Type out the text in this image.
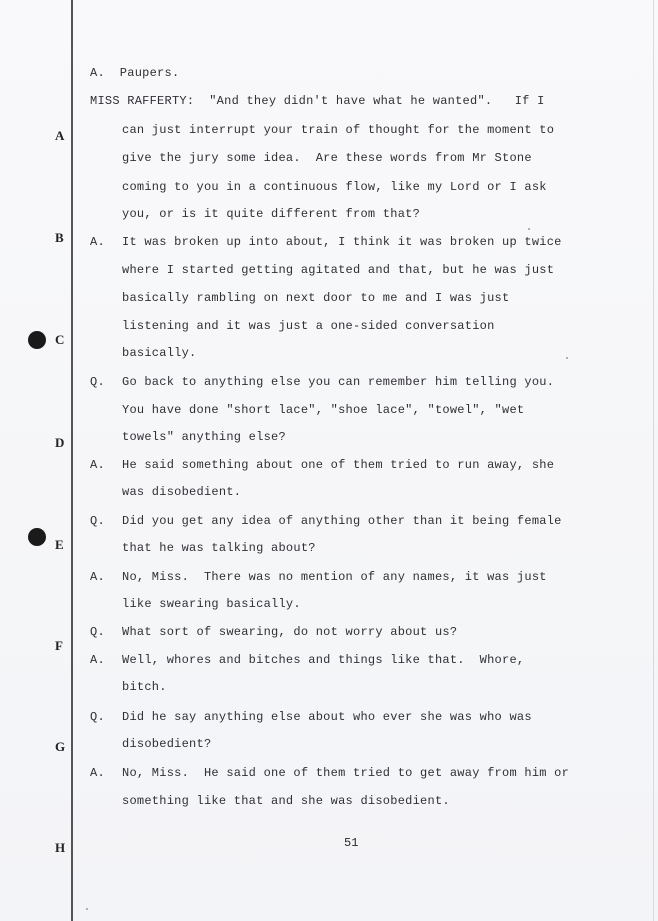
A
B
C
D
E
F
G
H
A.  Paupers.
MISS RAFFERTY:  "And they didn't have what he wanted".   If I
can just interrupt your train of thought for the moment to
give the jury some idea.  Are these words from Mr Stone
coming to you in a continuous flow, like my Lord or I ask
you, or is it quite different from that?
A. It was broken up into about, I think it was broken up twice
where I started getting agitated and that, but he was just
basically rambling on next door to me and I was just
listening and it was just a one-sided conversation
basically.
Q. Go back to anything else you can remember him telling you.
You have done "short lace", "shoe lace", "towel", "wet
towels" anything else?
A. He said something about one of them tried to run away, she
was disobedient.
Q. Did you get any idea of anything other than it being female
that he was talking about?
A. No, Miss.  There was no mention of any names, it was just
like swearing basically.
Q. What sort of swearing, do not worry about us?
A. Well, whores and bitches and things like that.  Whore,
bitch.
Q. Did he say anything else about who ever she was who was
disobedient?
A. No, Miss.  He said one of them tried to get away from him or
something like that and she was disobedient.
51
